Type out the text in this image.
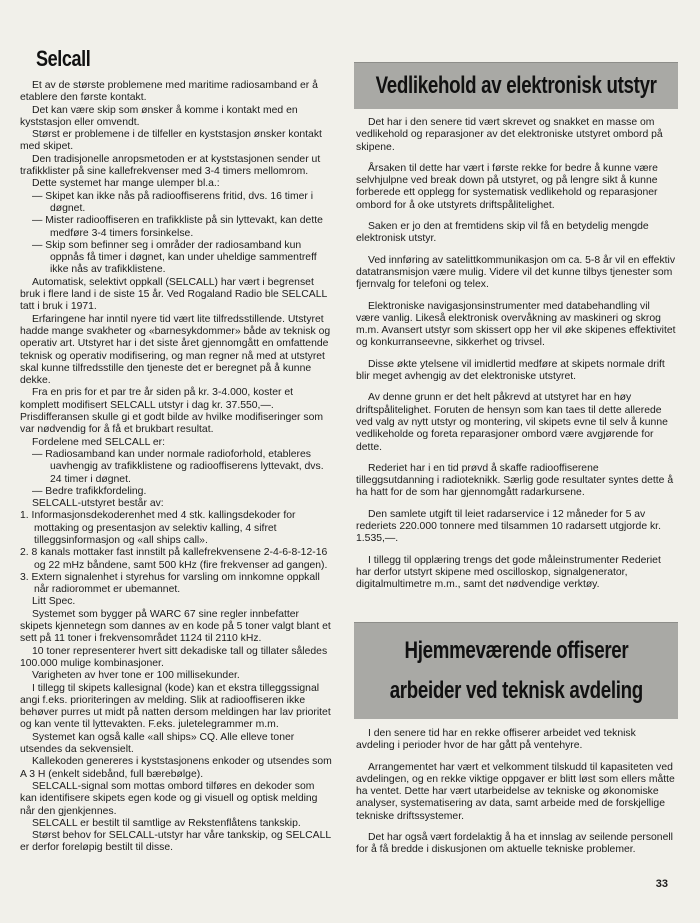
Selcall

Et av de største problemene med maritime radiosamband er å etablere den første kontakt.

Det kan være skip som ønsker å komme i kontakt med en kyststasjon eller omvendt.

Størst er problemene i de tilfeller en kyststasjon ønsker kontakt med skipet.

Den tradisjonelle anropsmetoden er at kyststasjonen sender ut trafikklister på sine kallefrekvenser med 3-4 timers mellomrom.

Dette systemet har mange ulemper bl.a.:

— Skipet kan ikke nås på radiooffiserens fritid, dvs. 16 timer i døgnet.

— Mister radiooffiseren en trafikkliste på sin lyttevakt, kan dette medføre 3-4 timers forsinkelse.

— Skip som befinner seg i områder der radiosamband kun oppnås få timer i døgnet, kan under uheldige sammentreff ikke nås av trafikklistene.

Automatisk, selektivt oppkall (SELCALL) har vært i begrenset bruk i flere land i de siste 15 år. Ved Rogaland Radio ble SELCALL tatt i bruk i 1971.

Erfaringene har inntil nyere tid vært lite tilfredsstillende. Utstyret hadde mange svakheter og «barnesykdommer» både av teknisk og operativ art. Utstyret har i det siste året gjennomgått en omfattende teknisk og operativ modifisering, og man regner nå med at utstyret skal kunne tilfredsstille den tjeneste det er beregnet på å kunne dekke.

Fra en pris for et par tre år siden på kr. 3-4.000, koster et komplett modifisert SELCALL utstyr i dag kr. 37.550,—. Prisdifferansen skulle gi et godt bilde av hvilke modifiseringer som var nødvendig for å få et brukbart resultat.

Fordelene med SELCALL er:

— Radiosamband kan under normale radioforhold, etableres uavhengig av trafikklistene og radiooffiserens lyttevakt, dvs. 24 timer i døgnet.

— Bedre trafikkfordeling.

SELCALL-utstyret består av:

1. Informasjonsdekoderenhet med 4 stk. kallingsdekoder for mottaking og presentasjon av selektiv kalling, 4 sifret tilleggsinformasjon og «all ships call».

2. 8 kanals mottaker fast innstilt på kallefrekvensene 2-4-6-8-12-16 og 22 mHz båndene, samt 500 kHz (fire frekvenser ad gangen).

3. Extern signalenhet i styrehus for varsling om innkomne oppkall når radiorommet er ubemannet.

Litt Spec.

Systemet som bygger på WARC 67 sine regler innbefatter skipets kjennetegn som dannes av en kode på 5 toner valgt blant et sett på 11 toner i frekvensområdet 1124 til 2110 kHz.

10 toner representerer hvert sitt dekadiske tall og tillater således 100.000 mulige kombinasjoner.

Varigheten av hver tone er 100 millisekunder.

I tillegg til skipets kallesignal (kode) kan et ekstra tilleggssignal angi f.eks. prioriteringen av melding. Slik at radiooffiseren ikke behøver purres ut midt på natten dersom meldingen har lav prioritet og kan vente til lyttevakten. F.eks. juletelegrammer m.m.

Systemet kan også kalle «all ships» CQ. Alle elleve toner utsendes da sekvensielt.

Kallekoden genereres i kyststasjonens enkoder og utsendes som A 3 H (enkelt sidebånd, full bærebølge).

SELCALL-signal som mottas ombord tilføres en dekoder som kan identifisere skipets egen kode og gi visuell og optisk melding når den gjenkjennes.

SELCALL er bestilt til samtlige av Rekstenflåtens tankskip.

Størst behov for SELCALL-utstyr har våre tankskip, og SELCALL er derfor foreløpig bestilt til disse.

Vedlikehold av elektronisk utstyr

Det har i den senere tid vært skrevet og snakket en masse om vedlikehold og reparasjoner av det elektroniske utstyret ombord på skipene.

Årsaken til dette har vært i første rekke for bedre å kunne være selvhjulpne ved break down på utstyret, og på lengre sikt å kunne forberede ett opplegg for systematisk vedlikehold og reparasjoner ombord for å oke utstyrets driftspålitelighet.

Saken er jo den at fremtidens skip vil få en betydelig mengde elektronisk utstyr.

Ved innføring av satelittkommunikasjon om ca. 5-8 år vil en effektiv datatransmisjon være mulig. Videre vil det kunne tilbys tjenester som fjernvalg for telefoni og telex.

Elektroniske navigasjonsinstrumenter med databehandling vil være vanlig. Likeså elektronisk overvåkning av maskineri og skrog m.m. Avansert utstyr som skissert opp her vil øke skipenes effektivitet og konkurranseevne, sikkerhet og trivsel.

Disse økte ytelsene vil imidlertid medføre at skipets normale drift blir meget avhengig av det elektroniske utstyret.

Av denne grunn er det helt påkrevd at utstyret har en høy driftspålitelighet. Foruten de hensyn som kan taes til dette allerede ved valg av nytt utstyr og montering, vil skipets evne til selv å kunne vedlikeholde og foreta reparasjoner ombord være avgjørende for dette.

Rederiet har i en tid prøvd å skaffe radiooffiserene tilleggsutdanning i radioteknikk. Særlig gode resultater syntes dette å ha hatt for de som har gjennomgått radarkursene.

Den samlete utgift til leiet radarservice i 12 måneder for 5 av rederiets 220.000 tonnere med tilsammen 10 radarsett utgjorde kr. 1.535,—.

I tillegg til opplæring trengs det gode måleinstrumenter Rederiet har derfor utstyrt skipene med oscilloskop, signalgenerator, digitalmultimetre m.m., samt det nødvendige verktøy.

Hjemmeværende offiserer
arbeider ved teknisk avdeling

I den senere tid har en rekke offiserer arbeidet ved teknisk avdeling i perioder hvor de har gått på ventehyre.

Arrangementet har vært et velkomment tilskudd til kapasiteten ved avdelingen, og en rekke viktige oppgaver er blitt løst som ellers måtte ha ventet. Dette har vært utarbeidelse av tekniske og økonomiske analyser, systematisering av data, samt arbeide med de forskjellige tekniske driftssystemer.

Det har også vært fordelaktig å ha et innslag av seilende personell for å få bredde i diskusjonen om aktuelle tekniske problemer.

33
